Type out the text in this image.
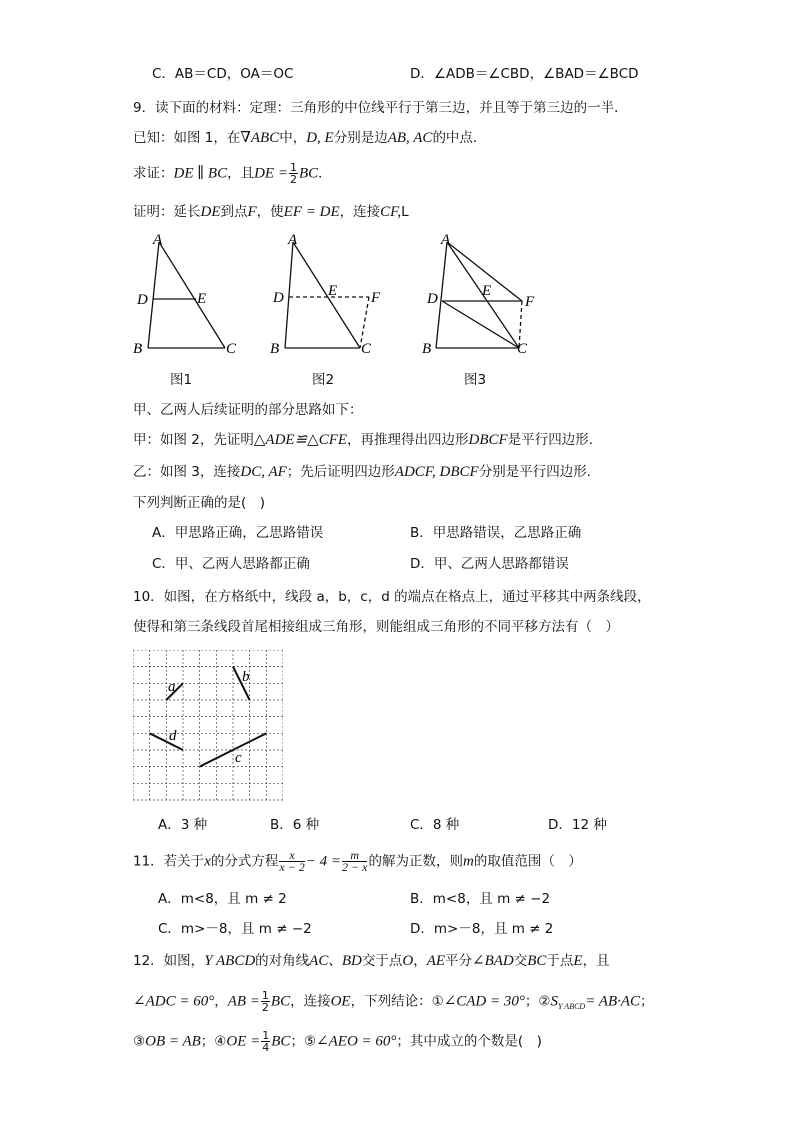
C．AB＝CD，OA＝OC	D．∠ADB＝∠CBD，∠BAD＝∠BCD
9．读下面的材料：定理：三角形的中位线平行于第三边，并且等于第三边的一半．
已知：如图 1，在∇ABC中，D, E分别是边AB, AC的中点．
求证：DE ∥ BC，且DE = $\frac{1}{2}$ BC．
证明：延长DE到点F，使EF = DE，连接CF,L
A
D	E
B	C
图1
A
D	E F
B	C
图2
A
D	E
F
B	C
图3
甲、乙两人后续证明的部分思路如下：
甲：如图 2，先证明△ADE≌△CFE，再推理得出四边形DBCF是平行四边形．
乙：如图 3，连接DC, AF；先后证明四边形ADCF, DBCF分别是平行四边形．
下列判断正确的是(　)
A．甲思路正确，乙思路错误	B．甲思路错误，乙思路正确
C．甲、乙两人思路都正确	D．甲、乙两人思路都错误
10．如图，在方格纸中，线段 a，b，c，d 的端点在格点上，通过平移其中两条线段，
使得和第三条线段首尾相接组成三角形，则能组成三角形的不同平移方法有（　）
a
b
d
c
A．3 种	B．6 种	C．8 种	D．12 种
11．若关于x的分式方程 $\frac{x}{x - 2} - 4 = \frac{m}{2 - x}$ 的解为正数，则m的取值范围（　）
A．m<8，且 m ≠ 2	B．m<8，且 m ≠ −2
C．m>－8，且 m ≠ −2	D．m>－8，且 m ≠ 2
12．如图，Y ABCD的对角线AC、BD交于点O，AE平分∠BAD交BC于点E，且
∠ADC = 60°，AB = $\frac{1}{2}$ BC，连接OE，下列结论：①∠CAD = 30°；$②S_{Y ABCD}= AB\cdot AC$；
③OB = AB；④OE = $\frac{1}{4}$ BC；⑤∠AEO = 60°；其中成立的个数是(　)
